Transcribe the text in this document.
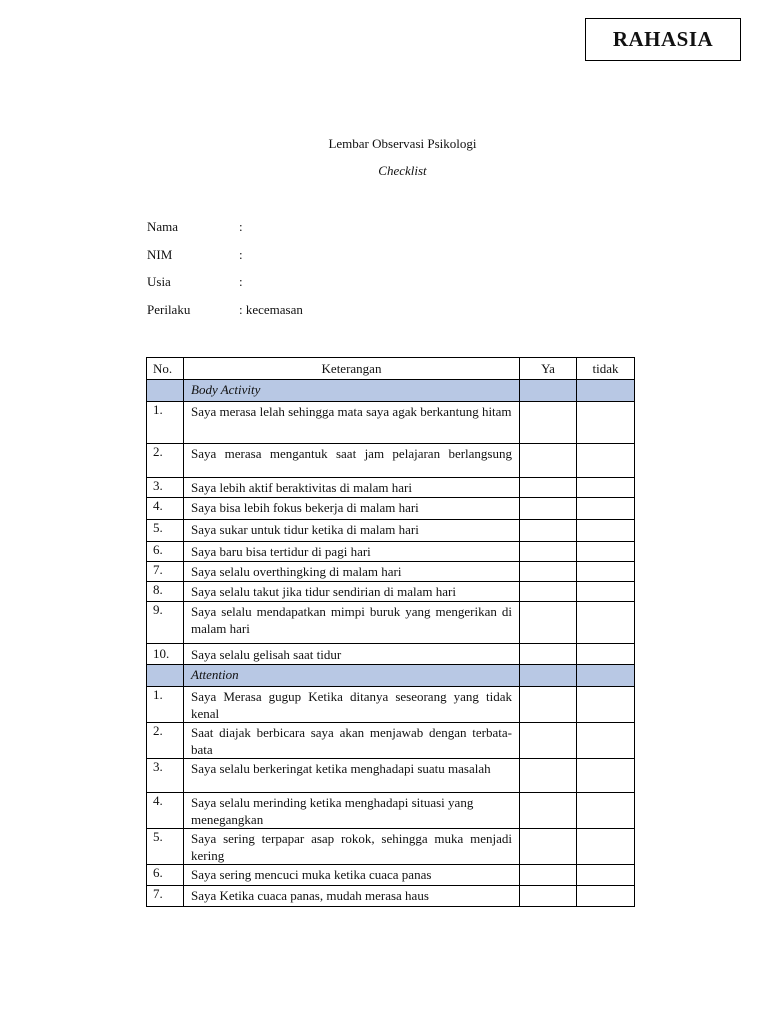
RAHASIA
Lembar Observasi Psikologi
Checklist
Nama	:
NIM	:
Usia	:
Perilaku	: kecemasan
No.	Keterangan	Ya	tidak
	Body Activity		
1.	Saya merasa lelah sehingga mata saya agak berkantung hitam		
2.	Saya merasa mengantuk saat jam pelajaran berlangsung		
3.	Saya lebih aktif beraktivitas di malam hari		
4.	Saya bisa lebih fokus bekerja di malam hari		
5.	Saya sukar untuk tidur ketika di malam hari		
6.	Saya baru bisa tertidur di pagi hari		
7.	Saya selalu overthingking di malam hari		
8.	Saya selalu takut jika tidur sendirian di malam hari		
9.	Saya selalu mendapatkan mimpi buruk yang mengerikan di malam hari		
10.	Saya selalu gelisah saat tidur		
	Attention		
1.	Saya Merasa gugup Ketika ditanya seseorang yang tidak kenal		
2.	Saat diajak berbicara saya akan menjawab dengan terbata-bata		
3.	Saya selalu berkeringat ketika menghadapi suatu masalah		
4.	Saya selalu merinding ketika menghadapi situasi yang menegangkan		
5.	Saya sering terpapar asap rokok, sehingga muka menjadi kering		
6.	Saya sering mencuci muka ketika cuaca panas		
7.	Saya Ketika cuaca panas, mudah merasa haus		
